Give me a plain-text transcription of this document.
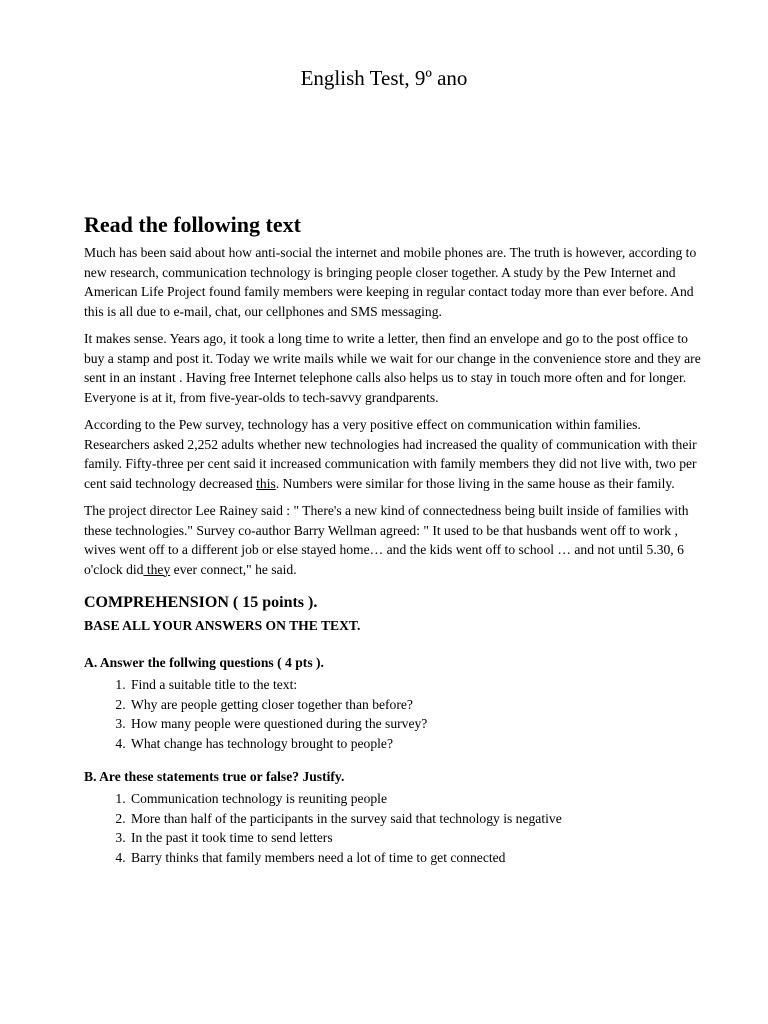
English Test, 9º ano
Read the following text

Much has been said about how anti-social the internet and mobile phones are. The truth is however, according to new research, communication technology is bringing people closer together. A study by the Pew Internet and American Life Project found family members were keeping in regular contact today more than ever before. And this is all due to e-mail, chat, our cellphones and SMS messaging.

It makes sense. Years ago, it took a long time to write a letter, then find an envelope and go to the post office to buy a stamp and post it. Today we write mails while we wait for our change in the convenience store and they are sent in an instant . Having free Internet telephone calls also helps us to stay in touch more often and for longer. Everyone is at it, from five-year-olds to tech-savvy grandparents.

According to the Pew survey, technology has a very positive effect on communication within families. Researchers asked 2,252 adults whether new technologies had increased the quality of communication with their family. Fifty-three per cent said it increased communication with family members they did not live with, two per cent said technology decreased this. Numbers were similar for those living in the same house as their family.

The project director Lee Rainey said : " There's a new kind of connectedness being built inside of families with these technologies." Survey co-author Barry Wellman agreed: " It used to be that husbands went off to work , wives went off to a different job or else stayed home… and the kids went off to school … and not until 5.30, 6 o'clock did they ever connect," he said.

COMPREHENSION ( 15 points ).
BASE ALL YOUR ANSWERS ON THE TEXT.
A. Answer the follwing questions ( 4 pts ).
1. Find a suitable title to the text:
2. Why are people getting closer together than before?
3. How many people were questioned during the survey?
4. What change has technology brought to people?
B. Are these statements true or false? Justify.
1. Communication technology is reuniting people
2. More than half of the participants in the survey said that technology is negative
3. In the past it took time to send letters
4. Barry thinks that family members need a lot of time to get connected
